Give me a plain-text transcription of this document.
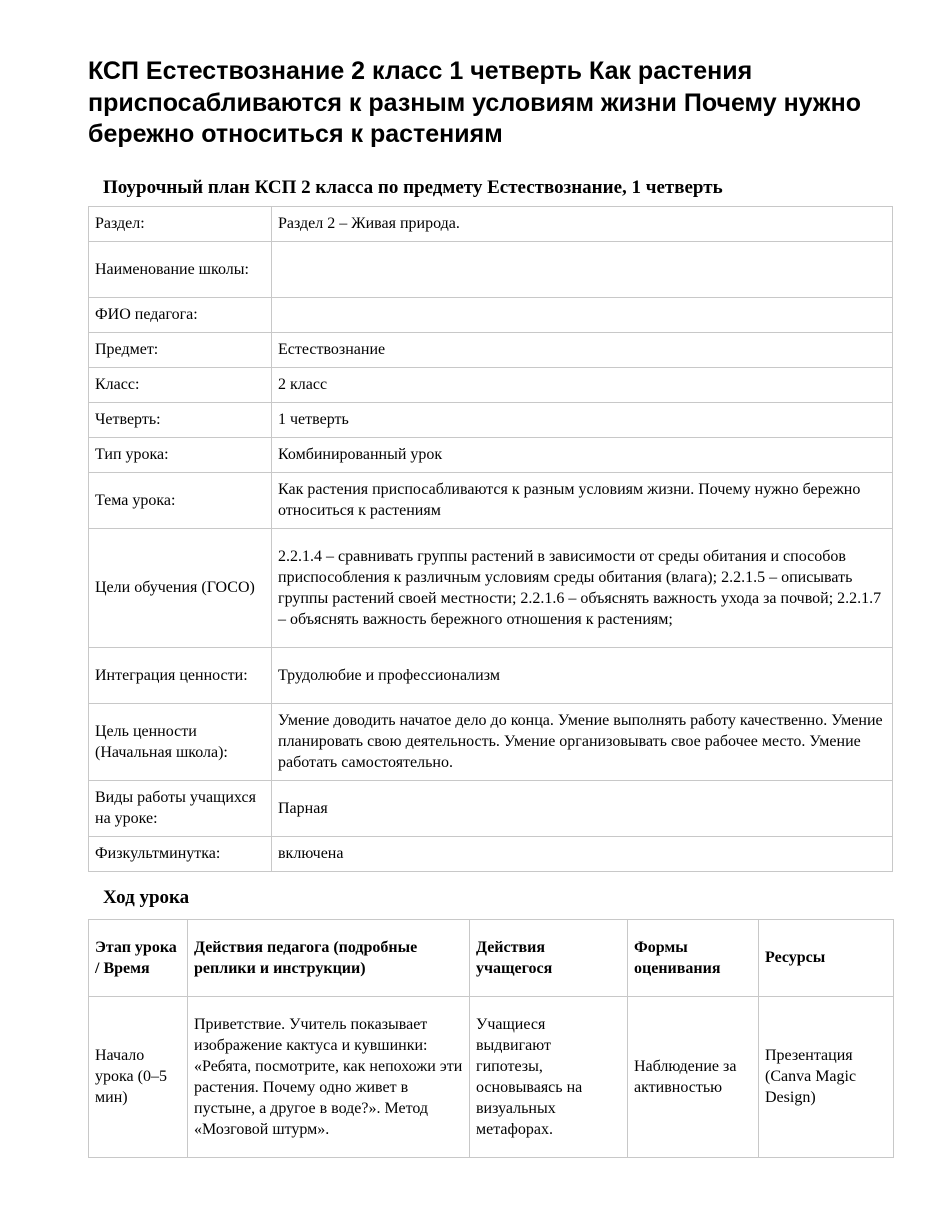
КСП Естествознание 2 класс 1 четверть Как растения приспосабливаются к разным условиям жизни Почему нужно бережно относиться к растениям
Поурочный план КСП 2 класса по предмету Естествознание, 1 четверть
Раздел:	Раздел 2 – Живая природа.
Наименование школы:	
ФИО педагога:	
Предмет:	Естествознание
Класс:	2 класс
Четверть:	1 четверть
Тип урока:	Комбинированный урок
Тема урока:	Как растения приспосабливаются к разным условиям жизни. Почему нужно бережно относиться к растениям
Цели обучения (ГОСО)	2.2.1.4 – сравнивать группы растений в зависимости от среды обитания и способов приспособления к различным условиям среды обитания (влага); 2.2.1.5 – описывать группы растений своей местности; 2.2.1.6 – объяснять важность ухода за почвой; 2.2.1.7 – объяснять важность бережного отношения к растениям;
Интеграция ценности:	Трудолюбие и профессионализм
Цель ценности (Начальная школа):	Умение доводить начатое дело до конца. Умение выполнять работу качественно. Умение планировать свою деятельность. Умение организовывать свое рабочее место. Умение работать самостоятельно.
Виды работы учащихся на уроке:	Парная
Физкультминутка:	включена
Ход урока
Этап урока / Время	Действия педагога (подробные реплики и инструкции)	Действия учащегося	Формы оценивания	Ресурсы
Начало урока (0–5 мин)	Приветствие. Учитель показывает изображение кактуса и кувшинки: «Ребята, посмотрите, как непохожи эти растения. Почему одно живет в пустыне, а другое в воде?». Метод «Мозговой штурм».	Учащиеся выдвигают гипотезы, основываясь на визуальных метафорах.	Наблюдение за активностью	Презентация (Canva Magic Design)
